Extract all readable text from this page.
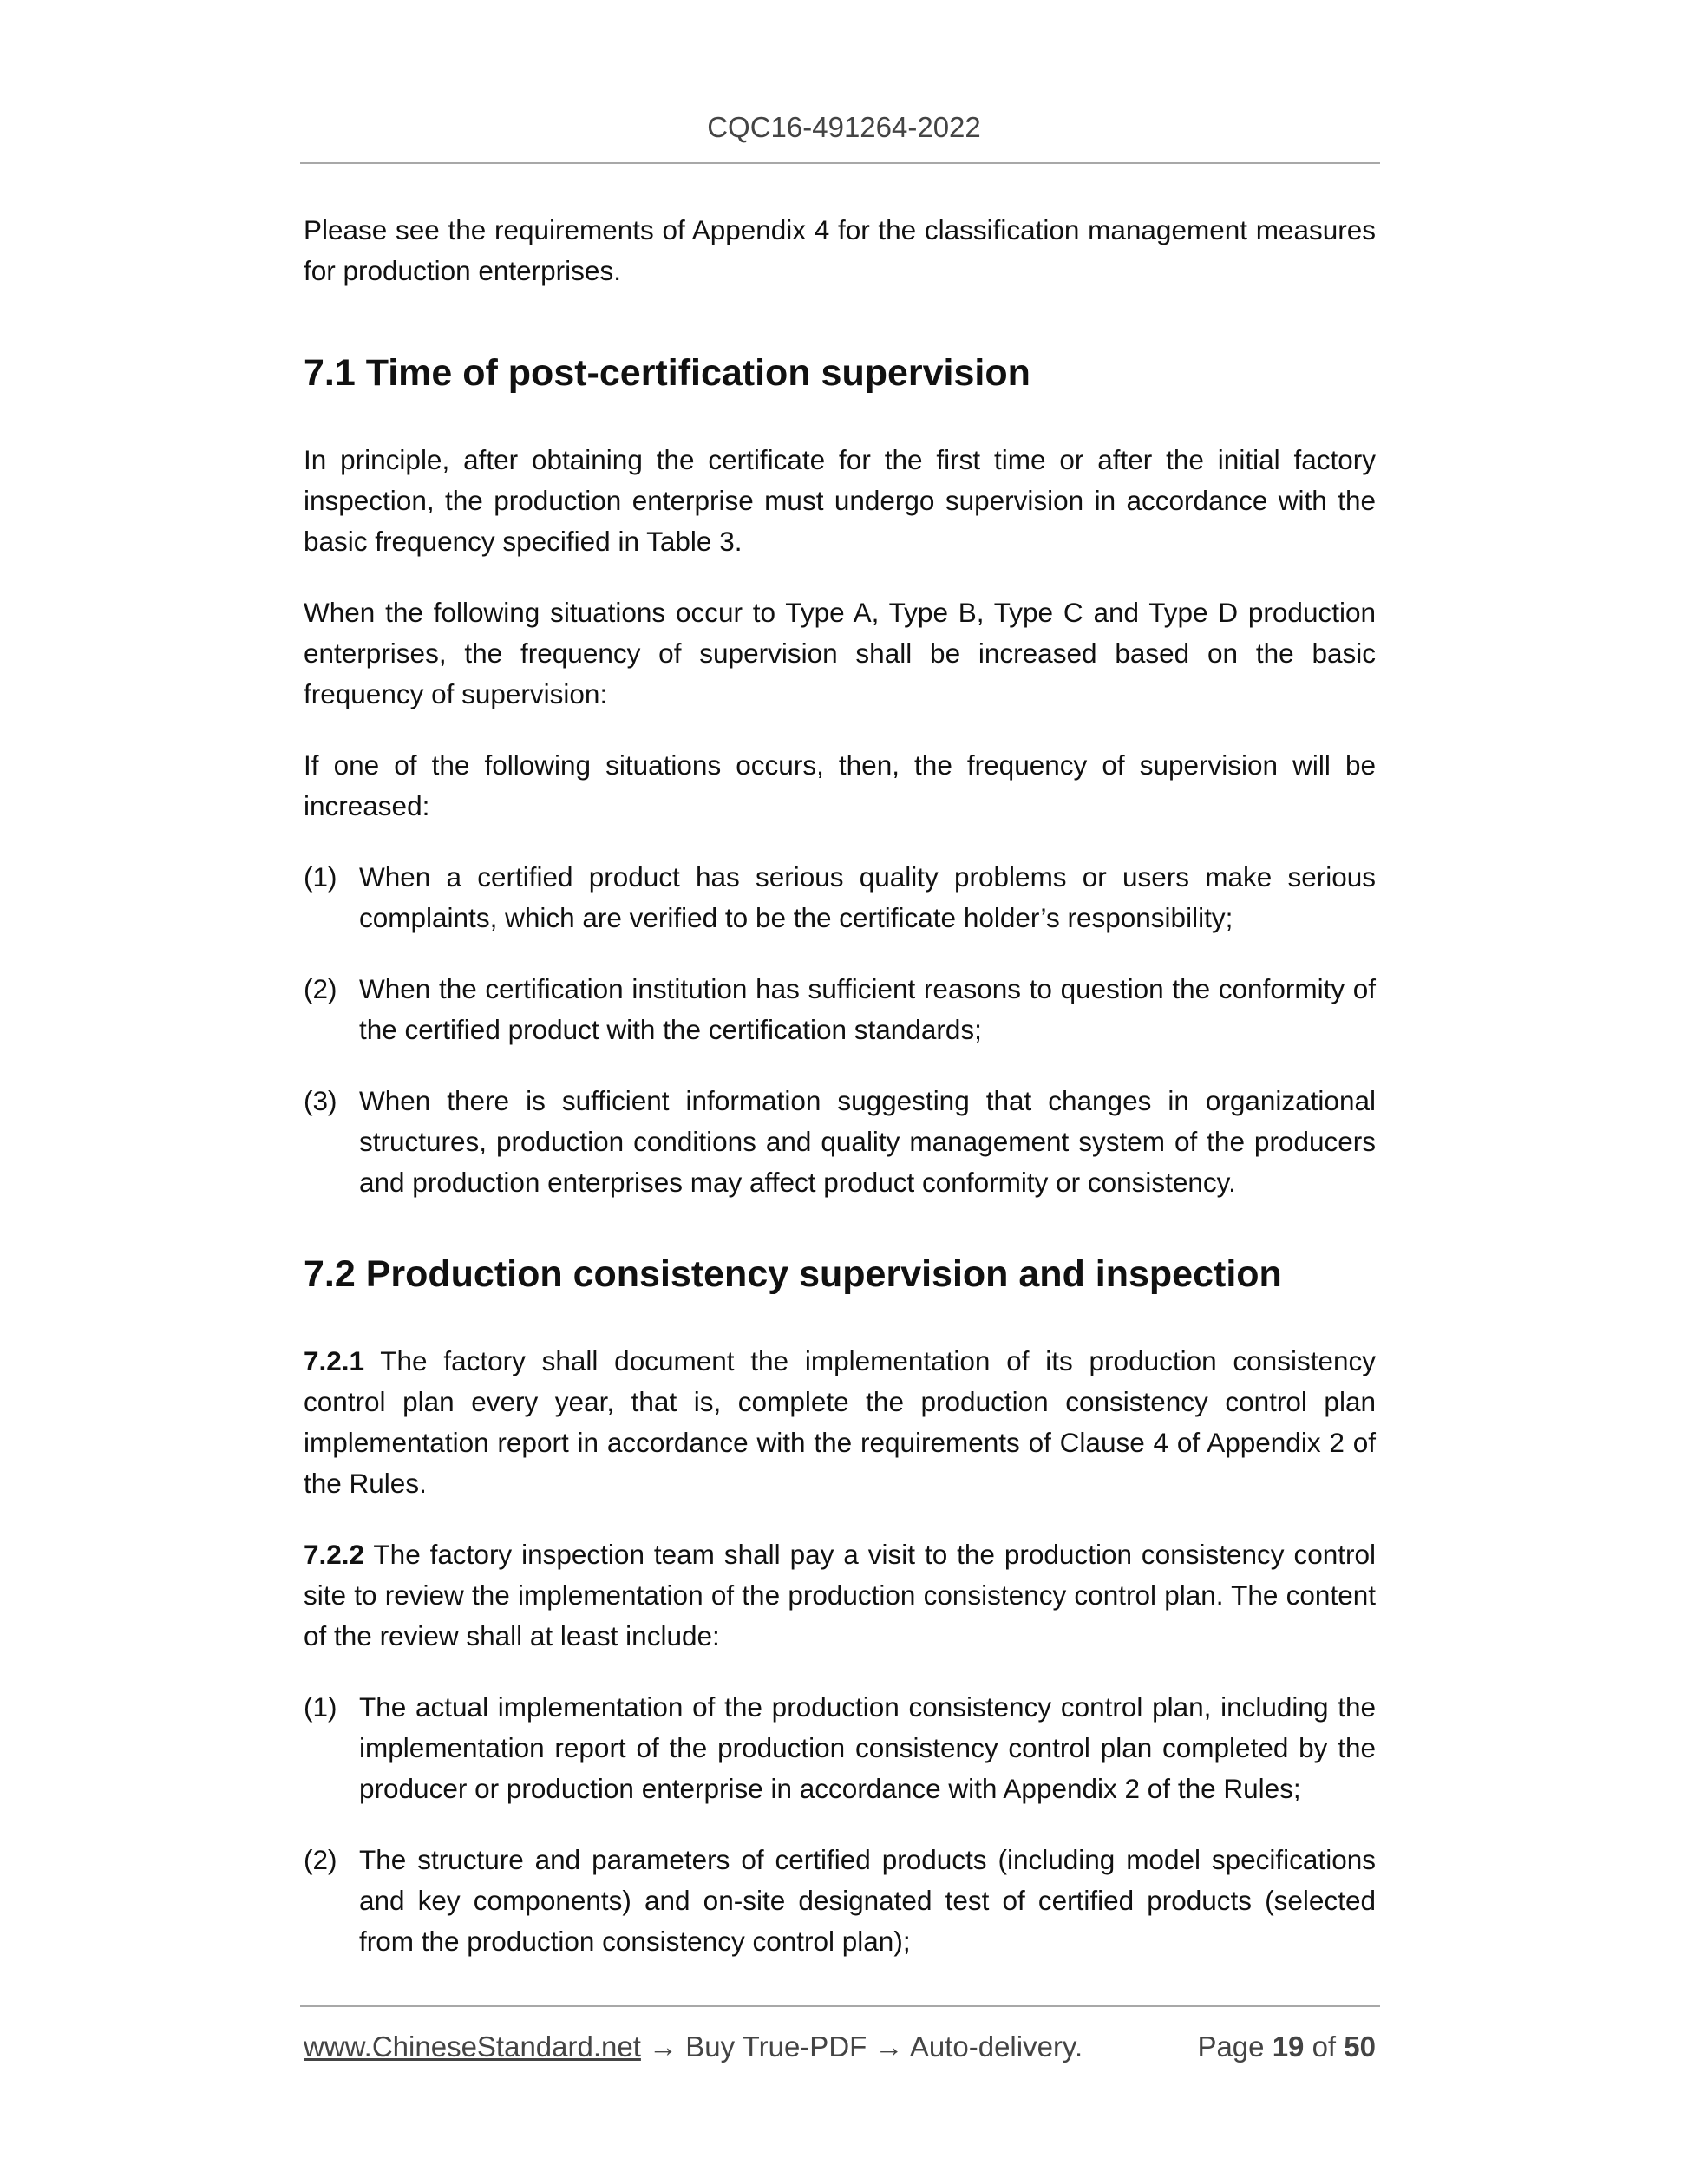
CQC16-491264-2022

Please see the requirements of Appendix 4 for the classification management measures for production enterprises.

7.1 Time of post-certification supervision

In principle, after obtaining the certificate for the first time or after the initial factory inspection, the production enterprise must undergo supervision in accordance with the basic frequency specified in Table 3.

When the following situations occur to Type A, Type B, Type C and Type D production enterprises, the frequency of supervision shall be increased based on the basic frequency of supervision:

If one of the following situations occurs, then, the frequency of supervision will be increased:

(1) When a certified product has serious quality problems or users make serious complaints, which are verified to be the certificate holder’s responsibility;
(2) When the certification institution has sufficient reasons to question the conformity of the certified product with the certification standards;
(3) When there is sufficient information suggesting that changes in organizational structures, production conditions and quality management system of the producers and production enterprises may affect product conformity or consistency.
7.2 Production consistency supervision and inspection

7.2.1 The factory shall document the implementation of its production consistency control plan every year, that is, complete the production consistency control plan implementation report in accordance with the requirements of Clause 4 of Appendix 2 of the Rules.

7.2.2 The factory inspection team shall pay a visit to the production consistency control site to review the implementation of the production consistency control plan. The content of the review shall at least include:

(1) The actual implementation of the production consistency control plan, including the implementation report of the production consistency control plan completed by the producer or production enterprise in accordance with Appendix 2 of the Rules;
(2) The structure and parameters of certified products (including model specifications and key components) and on-site designated test of certified products (selected from the production consistency control plan);
www.ChineseStandard.net → Buy True-PDF → Auto-delivery.	Page 19 of 50
